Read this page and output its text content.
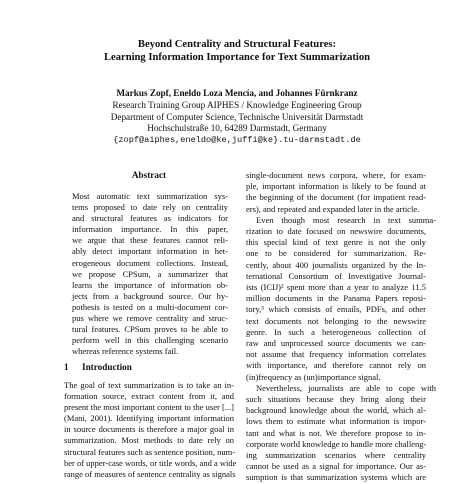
Beyond Centrality and Structural Features:
Learning Information Importance for Text Summarization
Markus Zopf, Eneldo Loza Mencía, and Johannes Fürnkranz
Research Training Group AIPHES / Knowledge Engineering Group
Department of Computer Science, Technische Universität Darmstadt
Hochschulstraße 10, 64289 Darmstadt, Germany
{zopf@aiphes,eneldo@ke,juffi@ke}.tu-darmstadt.de
Abstract
Most automatic text summarization sys-
tems proposed to date rely on centrality
and structural features as indicators for
information importance. In this paper,
we argue that these features cannot reli-
ably detect important information in het-
erogeneous document collections. Instead,
we propose CPSum, a summarizer that
learns the importance of information ob-
jects from a background source. Our hy-
pothesis is tested on a multi-document cor-
pus where we remove centrality and struc-
tural features. CPSum proves to be able to
perform well in this challenging scenario
whereas reference systems fail.
1 Introduction
The goal of text summarization is to take an in-
formation source, extract content from it, and
present the most important content to the user [...]
(Mani, 2001). Identifying important information
in source documents is therefore a major goal in
summarization. Most methods to date rely on
structural features such as sentence position, num-
ber of upper-case words, or title words, and a wide
range of measures of sentence centrality as signals
single-document news corpora, where, for exam-
ple, important information is likely to be found at
the beginning of the document (for impatient read-
ers), and repeated and expanded later in the article.
Even though most research in text summa-
rization to date focused on newswire documents,
this special kind of text genre is not the only
one to be considered for summarization. Re-
cently, about 400 journalists organized by the In-
ternational Consortium of Investigative Journal-
ists (ICIJ)² spent more than a year to analyze 11.5
million documents in the Panama Papers reposi-
tory,³ which consists of emails, PDFs, and other
text documents not belonging to the newswire
genre. In such a heterogeneous collection of
raw and unprocessed source documents we can-
not assume that frequency information correlates
with importance, and therefore cannot rely on
(in)frequency as (un)importance signal.
Nevertheless, journalists are able to cope with
such situations because they bring along their
background knowledge about the world, which al-
lows them to estimate what information is impor-
tant and what is not. We therefore propose to in-
corporate world knowledge to handle more challeng-
ing summarization scenarios where centrality
cannot be used as a signal for importance. Our as-
sumption is that summarization systems which are
